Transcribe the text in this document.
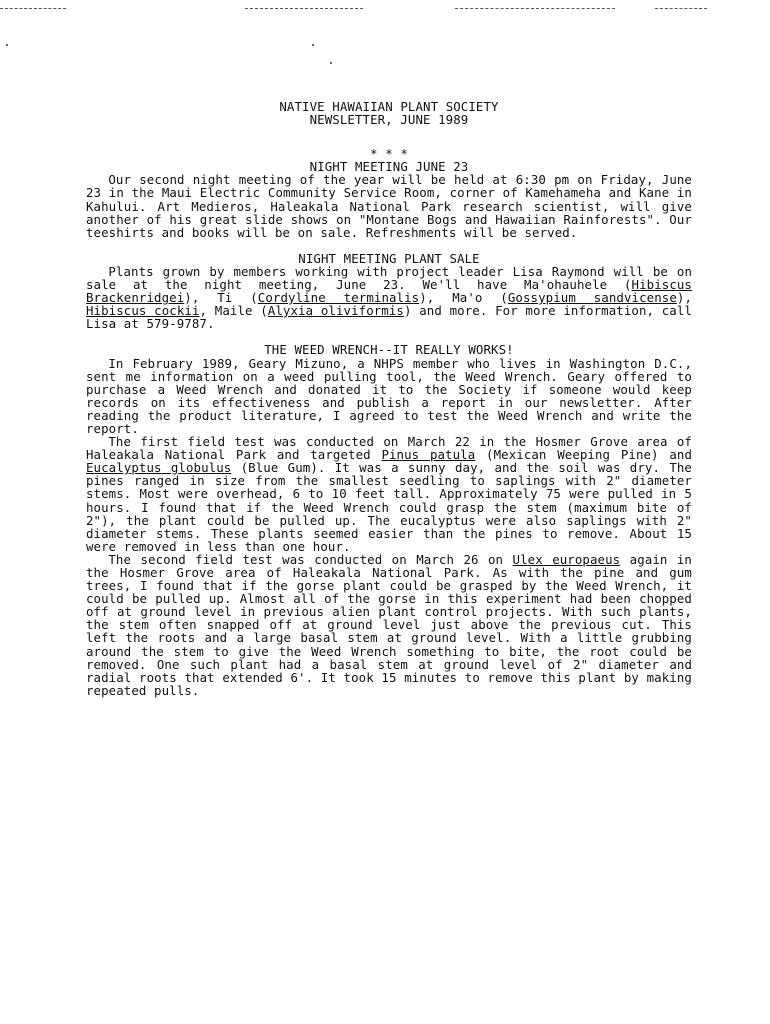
NATIVE HAWAIIAN PLANT SOCIETY
NEWSLETTER, JUNE 1989
* * *
NIGHT MEETING JUNE 23

Our second night meeting of the year will be held at 6:30 pm on Friday, June 23 in the Maui Electric Community Service Room, corner of Kamehameha and Kane in Kahului. Art Medieros, Haleakala National Park research scientist, will give another of his great slide shows on "Montane Bogs and Hawaiian Rainforests". Our teeshirts and books will be on sale. Refreshments will be served.

NIGHT MEETING PLANT SALE

Plants grown by members working with project leader Lisa Raymond will be on sale at the night meeting, June 23. We'll have Ma'ohauhele (Hibiscus Brackenridgei), Ti (Cordyline terminalis), Ma'o (Gossypium sandvicense), Hibiscus cockii, Maile (Alyxia oliviformis) and more. For more information, call Lisa at 579-9787.

THE WEED WRENCH--IT REALLY WORKS!

In February 1989, Geary Mizuno, a NHPS member who lives in Washington D.C., sent me information on a weed pulling tool, the Weed Wrench. Geary offered to purchase a Weed Wrench and donated it to the Society if someone would keep records on its effectiveness and publish a report in our newsletter. After reading the product literature, I agreed to test the Weed Wrench and write the report.

The first field test was conducted on March 22 in the Hosmer Grove area of Haleakala National Park and targeted Pinus patula (Mexican Weeping Pine) and Eucalyptus globulus (Blue Gum). It was a sunny day, and the soil was dry. The pines ranged in size from the smallest seedling to saplings with 2" diameter stems. Most were overhead, 6 to 10 feet tall. Approximately 75 were pulled in 5 hours. I found that if the Weed Wrench could grasp the stem (maximum bite of 2"), the plant could be pulled up. The eucalyptus were also saplings with 2" diameter stems. These plants seemed easier than the pines to remove. About 15 were removed in less than one hour.

The second field test was conducted on March 26 on Ulex europaeus again in the Hosmer Grove area of Haleakala National Park. As with the pine and gum trees, I found that if the gorse plant could be grasped by the Weed Wrench, it could be pulled up. Almost all of the gorse in this experiment had been chopped off at ground level in previous alien plant control projects. With such plants, the stem often snapped off at ground level just above the previous cut. This left the roots and a large basal stem at ground level. With a little grubbing around the stem to give the Weed Wrench something to bite, the root could be removed. One such plant had a basal stem at ground level of 2" diameter and radial roots that extended 6'. It took 15 minutes to remove this plant by making repeated pulls.
